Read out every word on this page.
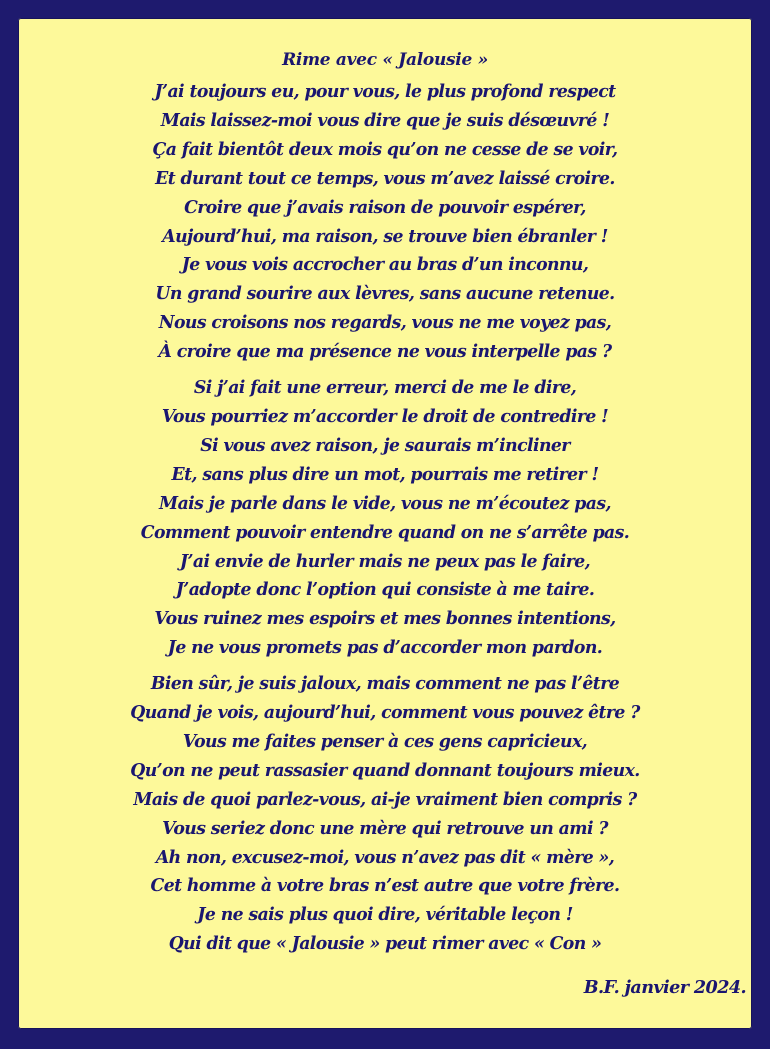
Rime avec « Jalousie »
J’ai toujours eu, pour vous, le plus profond respect
Mais laissez-moi vous dire que je suis désœuvré !
Ça fait bientôt deux mois qu’on ne cesse de se voir,
Et durant tout ce temps, vous m’avez laissé croire.
Croire que j’avais raison de pouvoir espérer,
Aujourd’hui, ma raison, se trouve bien ébranler !
Je vous vois accrocher au bras d’un inconnu,
Un grand sourire aux lèvres, sans aucune retenue.
Nous croisons nos regards, vous ne me voyez pas,
À croire que ma présence ne vous interpelle pas ?
Si j’ai fait une erreur, merci de me le dire,
Vous pourriez m’accorder le droit de contredire !
Si vous avez raison, je saurais m’incliner
Et, sans plus dire un mot, pourrais me retirer !
Mais je parle dans le vide, vous ne m’écoutez pas,
Comment pouvoir entendre quand on ne s’arrête pas.
J’ai envie de hurler mais ne peux pas le faire,
J’adopte donc l’option qui consiste à me taire.
Vous ruinez mes espoirs et mes bonnes intentions,
Je ne vous promets pas d’accorder mon pardon.
Bien sûr, je suis jaloux, mais comment ne pas l’être
Quand je vois, aujourd’hui, comment vous pouvez être ?
Vous me faites penser à ces gens capricieux,
Qu’on ne peut rassasier quand donnant toujours mieux.
Mais de quoi parlez-vous, ai-je vraiment bien compris ?
Vous seriez donc une mère qui retrouve un ami ?
Ah non, excusez-moi, vous n’avez pas dit « mère »,
Cet homme à votre bras n’est autre que votre frère.
Je ne sais plus quoi dire, véritable leçon !
Qui dit que « Jalousie » peut rimer avec « Con »
B.F. janvier 2024.
